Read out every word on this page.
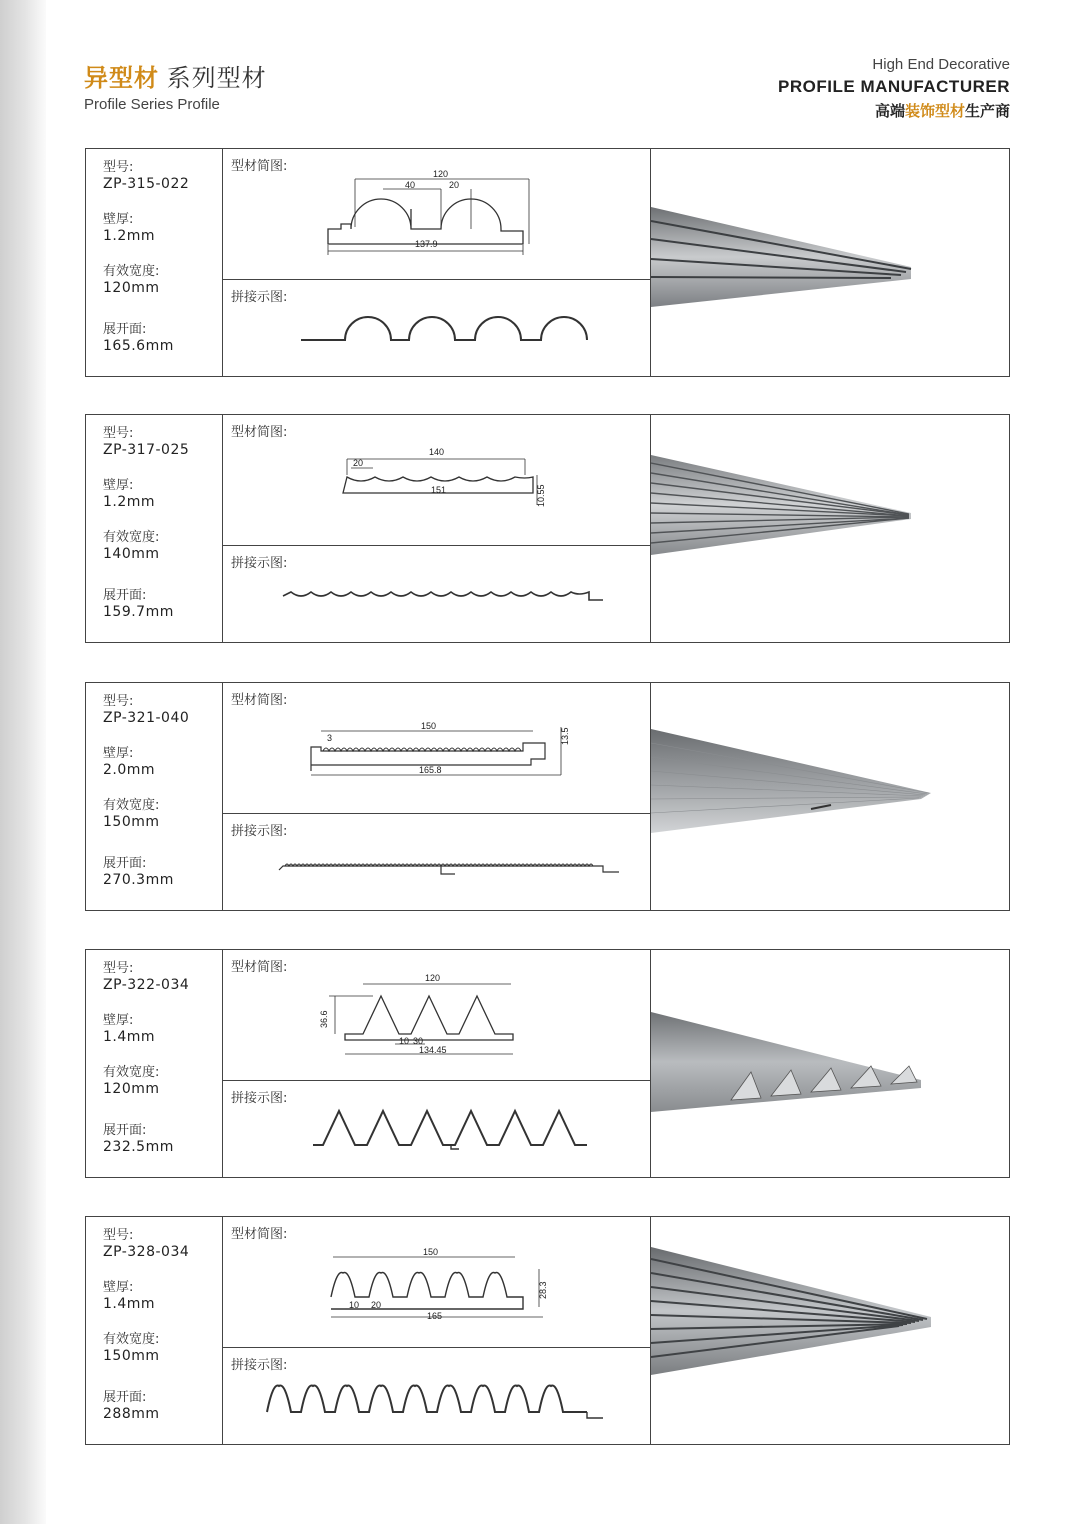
异型材 系列型材
Profile Series Profile
High End Decorative
PROFILE MANUFACTURER
高端装饰型材生产商
型号:
ZP-315-022
壁厚:
1.2mm
有效宽度:
120mm
展开面:
165.6mm
型材简图:	120
40	20
137.9
拼接示图:
型号:
ZP-317-025
壁厚:
1.2mm
有效宽度:
140mm
展开面:
159.7mm
型材简图:
140
20
151	10.55
拼接示图:
型号:
ZP-321-040
壁厚:
2.0mm
有效宽度:
150mm
展开面:
270.3mm
型材简图:
150
3
165.8
13.5
拼接示图:
型号:
ZP-322-034
壁厚:
1.4mm
有效宽度:
120mm
展开面:
232.5mm
型材简图:
120
36.6
10 30
134.45
拼接示图:
型号:
ZP-328-034
壁厚:
1.4mm
有效宽度:
150mm
展开面:
288mm
型材简图:
150
28.3
10 20
165
拼接示图:
